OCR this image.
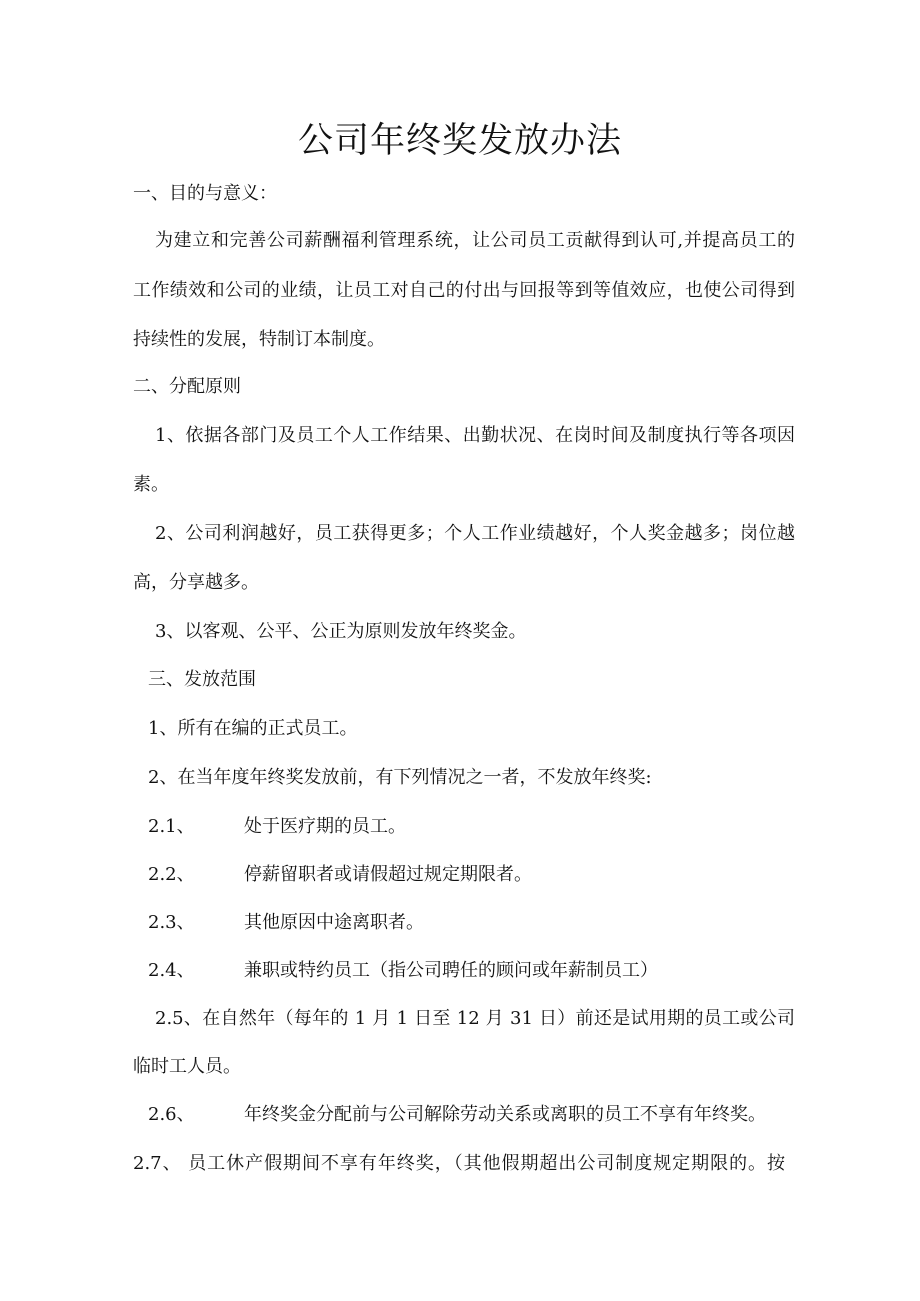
公司年终奖发放办法
一、目的与意义：
为建立和完善公司薪酬福利管理系统，让公司员工贡献得到认可,并提高员工的
工作绩效和公司的业绩，让员工对自己的付出与回报等到等值效应，也使公司得到
持续性的发展，特制订本制度。
二、分配原则
1、依据各部门及员工个人工作结果、出勤状况、在岗时间及制度执行等各项因
素。
2、公司利润越好，员工获得更多；个人工作业绩越好，个人奖金越多；岗位越
高，分享越多。
3、以客观、公平、公正为原则发放年终奖金。
三、发放范围
1、所有在编的正式员工。
2、在当年度年终奖发放前，有下列情况之一者，不发放年终奖:
2.1、	处于医疗期的员工。
2.2、	停薪留职者或请假超过规定期限者。
2.3、	其他原因中途离职者。
2.4、	兼职或特约员工（指公司聘任的顾问或年薪制员工）
2.5、在自然年（每年的 1 月 1 日至 12 月 31 日）前还是试用期的员工或公司
临时工人员。
2.6、	年终奖金分配前与公司解除劳动关系或离职的员工不享有年终奖。
2.7、 员工休产假期间不享有年终奖，（其他假期超出公司制度规定期限的。按
